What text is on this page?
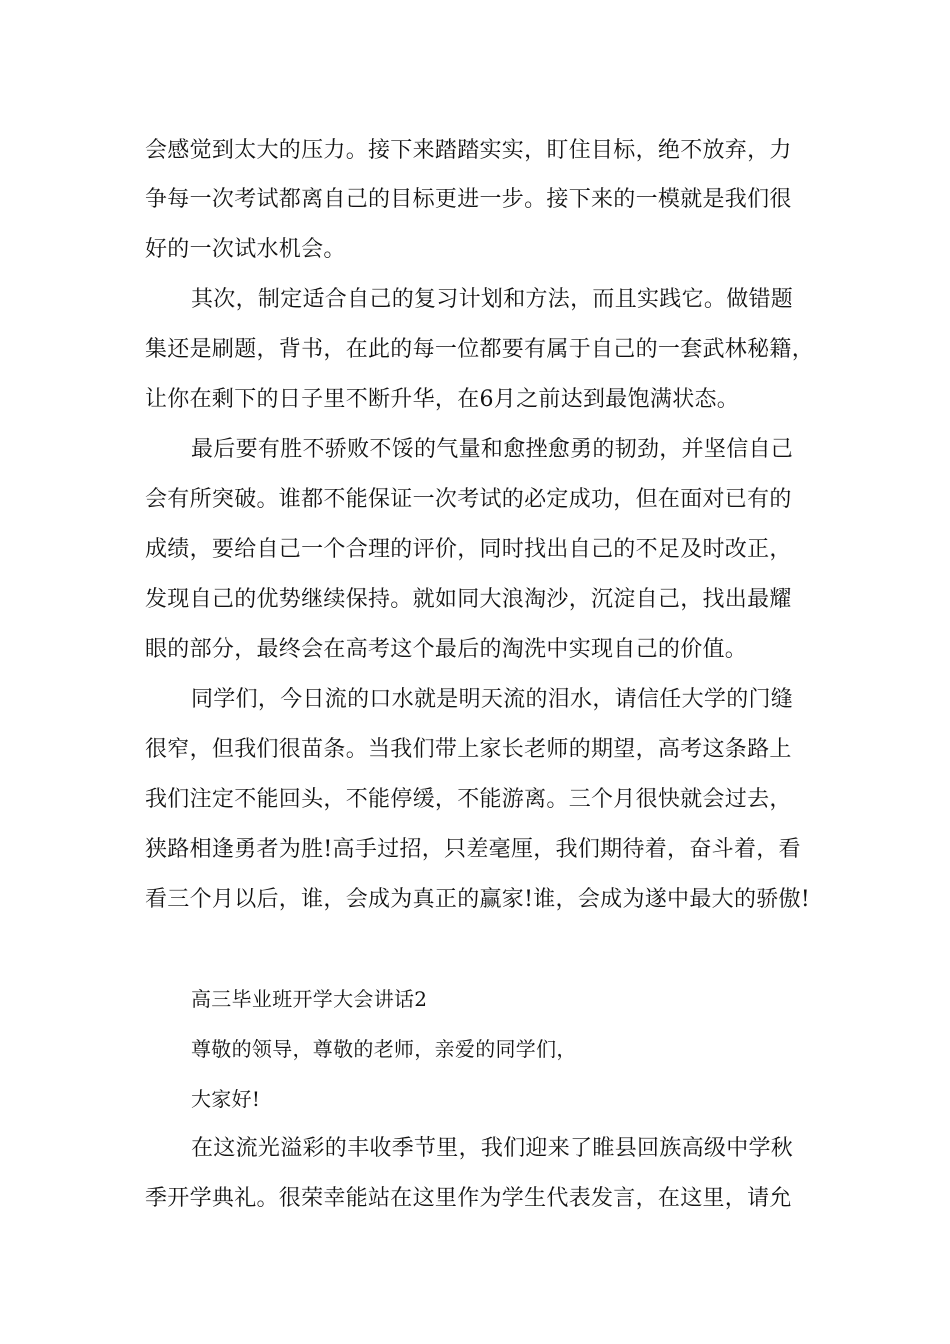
会感觉到太大的压力。接下来踏踏实实，盯住目标，绝不放弃，力
争每一次考试都离自己的目标更进一步。接下来的一模就是我们很
好的一次试水机会。
其次，制定适合自己的复习计划和方法，而且实践它。做错题
集还是刷题，背书，在此的每一位都要有属于自己的一套武林秘籍，
让你在剩下的日子里不断升华，在6月之前达到最饱满状态。
最后要有胜不骄败不馁的气量和愈挫愈勇的韧劲，并坚信自己
会有所突破。谁都不能保证一次考试的必定成功，但在面对已有的
成绩，要给自己一个合理的评价，同时找出自己的不足及时改正，
发现自己的优势继续保持。就如同大浪淘沙，沉淀自己，找出最耀
眼的部分，最终会在高考这个最后的淘洗中实现自己的价值。
同学们，今日流的口水就是明天流的泪水，请信任大学的门缝
很窄，但我们很苗条。当我们带上家长老师的期望，高考这条路上
我们注定不能回头，不能停缓，不能游离。三个月很快就会过去，
狭路相逢勇者为胜!高手过招，只差毫厘，我们期待着，奋斗着，看
看三个月以后，谁，会成为真正的赢家!谁，会成为遂中最大的骄傲!
高三毕业班开学大会讲话2
尊敬的领导，尊敬的老师，亲爱的同学们，
大家好!
在这流光溢彩的丰收季节里，我们迎来了睢县回族高级中学秋
季开学典礼。很荣幸能站在这里作为学生代表发言，在这里，请允
